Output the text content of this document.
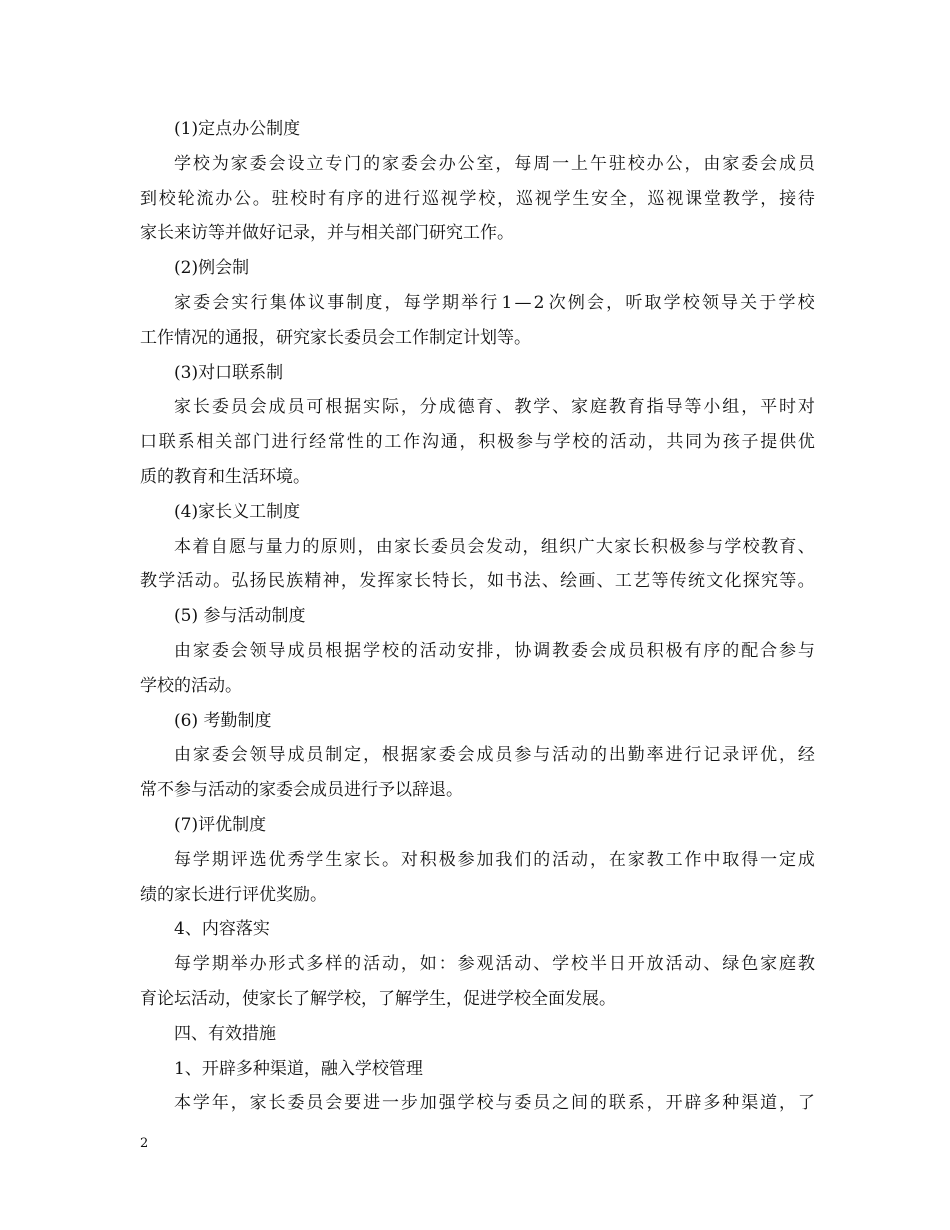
(1)定点办公制度
学 校 为 家 委 会 设 立 专 门 的 家 委 会 办 公 室 ， 每 周 一 上 午 驻 校 办 公 ， 由 家 委 会 成 员
到 校 轮 流 办 公 。 驻 校 时 有 序 的 进 行 巡 视 学 校 ， 巡 视 学 生 安 全 ， 巡 视 课 堂 教 学 ， 接 待
家长来访等并做好记录，并与相关部门研究工作。
(2)例会制
家 委 会 实 行 集 体 议 事 制 度 ， 每 学 期 举 行 1 — 2 次 例 会 ， 听 取 学 校 领 导 关 于 学 校
工作情况的通报，研究家长委员会工作制定计划等。
(3)对口联系制
家 长 委 员 会 成 员 可 根 据 实 际 ， 分 成 德 育 、 教 学 、 家 庭 教 育 指 导 等 小 组 ， 平 时 对
口 联 系 相 关 部 门 进 行 经 常 性 的 工 作 沟 通 ， 积 极 参 与 学 校 的 活 动 ， 共 同 为 孩 子 提 供 优
质的教育和生活环境。
(4)家长义工制度
本 着 自 愿 与 量 力 的 原 则 ， 由 家 长 委 员 会 发 动 ， 组 织 广 大 家 长 积 极 参 与 学 校 教 育 、
教 学 活 动 。 弘 扬 民 族 精 神 ， 发 挥 家 长 特 长 ， 如 书 法 、 绘 画 、 工 艺 等 传 统 文 化 探 究 等 。
(5) 参与活动制度
由 家 委 会 领 导 成 员 根 据 学 校 的 活 动 安 排 ， 协 调 教 委 会 成 员 积 极 有 序 的 配 合 参 与
学校的活动。
(6) 考勤制度
由 家 委 会 领 导 成 员 制 定 ， 根 据 家 委 会 成 员 参 与 活 动 的 出 勤 率 进 行 记 录 评 优 ， 经
常不参与活动的家委会成员进行予以辞退。
(7)评优制度
每 学 期 评 选 优 秀 学 生 家 长 。 对 积 极 参 加 我 们 的 活 动 ， 在 家 教 工 作 中 取 得 一 定 成
绩的家长进行评优奖励。
4、内容落实
每 学 期 举 办 形 式 多 样 的 活 动 ， 如 ： 参 观 活 动 、 学 校 半 日 开 放 活 动 、 绿 色 家 庭 教
育论坛活动，使家长了解学校，了解学生，促进学校全面发展。
四、有效措施
1、开辟多种渠道，融入学校管理
本 学 年 ， 家 长 委 员 会 要 进 一 步 加 强 学 校 与 委 员 之 间 的 联 系 ， 开 辟 多 种 渠 道 ， 了
2
